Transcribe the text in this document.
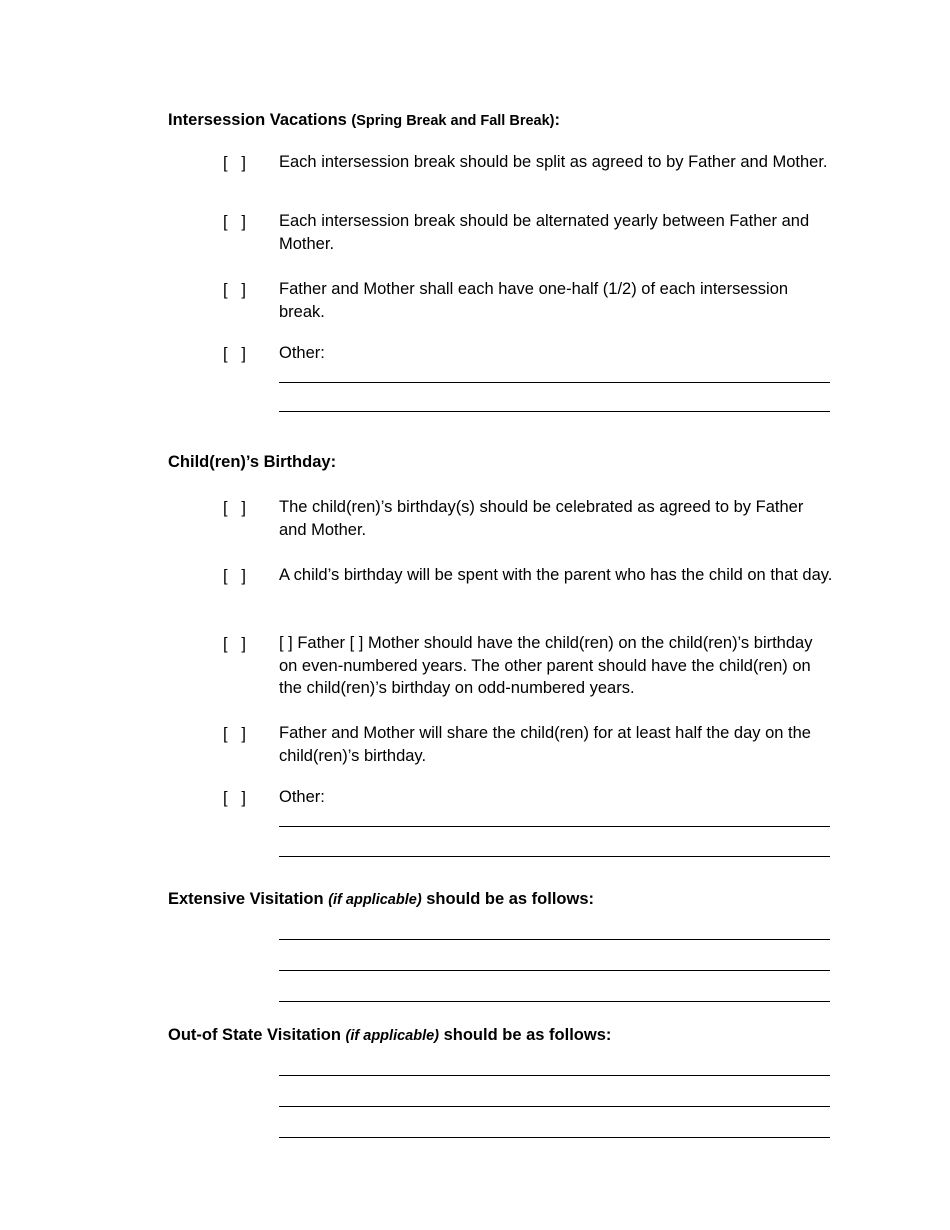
Intersession Vacations (Spring Break and Fall Break):
[   ] Each intersession break should be split as agreed to by Father and Mother.
[   ] Each intersession break should be alternated yearly between Father and Mother.
[   ] Father and Mother shall each have one-half (1/2) of each intersession break.
[   ] Other:
Child(ren)’s Birthday:
[   ] The child(ren)’s birthday(s) should be celebrated as agreed to by Father and Mother.
[   ] A child’s birthday will be spent with the parent who has the child on that day.
[   ] [ ] Father [ ] Mother should have the child(ren) on the child(ren)’s birthday on even-numbered years. The other parent should have the child(ren) on the child(ren)’s birthday on odd-numbered years.
[   ] Father and Mother will share the child(ren) for at least half the day on the child(ren)’s birthday.
[   ] Other:
Extensive Visitation (if applicable) should be as follows:
Out-of State Visitation (if applicable) should be as follows:
